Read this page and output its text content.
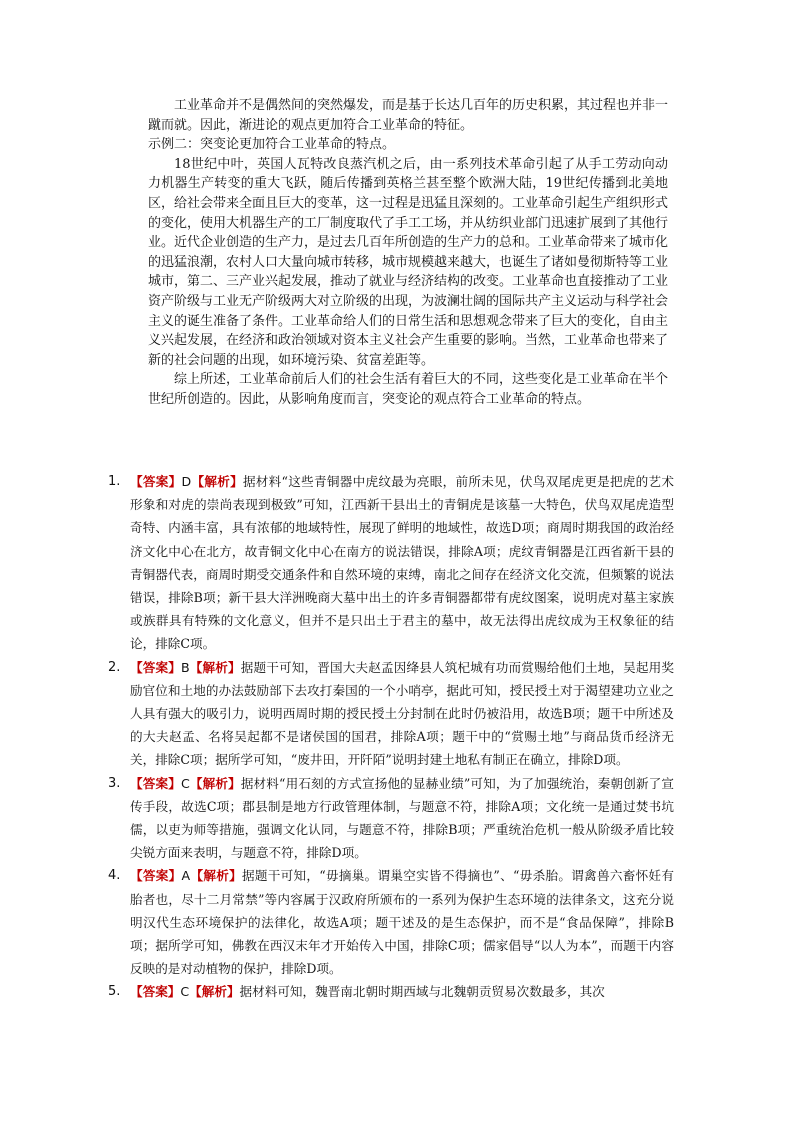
工业革命并不是偶然间的突然爆发，而是基于长达几百年的历史积累，其过程也并非一蹴而就。因此，渐进论的观点更加符合工业革命的特征。

示例二：突变论更加符合工业革命的特点。

18世纪中叶，英国人瓦特改良蒸汽机之后，由一系列技术革命引起了从手工劳动向动力机器生产转变的重大飞跃，随后传播到英格兰甚至整个欧洲大陆，19世纪传播到北美地区，给社会带来全面且巨大的变革，这一过程是迅猛且深刻的。工业革命引起生产组织形式的变化，使用大机器生产的工厂制度取代了手工工场，并从纺织业部门迅速扩展到了其他行业。近代企业创造的生产力，是过去几百年所创造的生产力的总和。工业革命带来了城市化的迅猛浪潮，农村人口大量向城市转移，城市规模越来越大，也诞生了诸如曼彻斯特等工业城市，第二、三产业兴起发展，推动了就业与经济结构的改变。工业革命也直接推动了工业资产阶级与工业无产阶级两大对立阶级的出现，为波澜壮阔的国际共产主义运动与科学社会主义的诞生准备了条件。工业革命给人们的日常生活和思想观念带来了巨大的变化，自由主义兴起发展，在经济和政治领域对资本主义社会产生重要的影响。当然，工业革命也带来了新的社会问题的出现，如环境污染、贫富差距等。

综上所述，工业革命前后人们的社会生活有着巨大的不同，这些变化是工业革命在半个世纪所创造的。因此，从影响角度而言，突变论的观点符合工业革命的特点。

1. 【答案】D【解析】据材料“这些青铜器中虎纹最为亮眼，前所未见，伏鸟双尾虎更是把虎的艺术形象和对虎的崇尚表现到极致”可知，江西新干县出土的青铜虎是该墓一大特色，伏鸟双尾虎造型奇特、内涵丰富，具有浓郁的地域特性，展现了鲜明的地域性，故选D项；商周时期我国的政治经济文化中心在北方，故青铜文化中心在南方的说法错误，排除A项；虎纹青铜器是江西省新干县的青铜器代表，商周时期受交通条件和自然环境的束缚，南北之间存在经济文化交流，但频繁的说法错误，排除B项；新干县大洋洲晚商大墓中出土的许多青铜器都带有虎纹图案，说明虎对墓主家族或族群具有特殊的文化意义，但并不是只出土于君主的墓中，故无法得出虎纹成为王权象征的结论，排除C项。
2. 【答案】B【解析】据题干可知，晋国大夫赵孟因绛县人筑杞城有功而赏赐给他们土地，吴起用奖励官位和土地的办法鼓励部下去攻打秦国的一个小哨亭，据此可知，授民授土对于渴望建功立业之人具有强大的吸引力，说明西周时期的授民授土分封制在此时仍被沿用，故选B项；题干中所述及的大夫赵孟、名将吴起都不是诸侯国的国君，排除A项；题干中的“赏赐土地”与商品货币经济无关，排除C项；据所学可知，“废井田，开阡陌”说明封建土地私有制正在确立，排除D项。
3. 【答案】C【解析】据材料“用石刻的方式宣扬他的显赫业绩”可知，为了加强统治，秦朝创新了宣传手段，故选C项；郡县制是地方行政管理体制，与题意不符，排除A项；文化统一是通过焚书坑儒，以吏为师等措施，强调文化认同，与题意不符，排除B项；严重统治危机一般从阶级矛盾比较尖锐方面来表明，与题意不符，排除D项。
4. 【答案】A【解析】据题干可知，“毋摘巢。谓巢空实皆不得摘也”、“毋杀胎。谓禽兽六畜怀妊有胎者也，尽十二月常禁”等内容属于汉政府所颁布的一系列为保护生态环境的法律条文，这充分说明汉代生态环境保护的法律化，故选A项；题干述及的是生态保护，而不是“食品保障”，排除B项；据所学可知，佛教在西汉末年才开始传入中国，排除C项；儒家倡导“以人为本”，而题干内容反映的是对动植物的保护，排除D项。
5. 【答案】C【解析】据材料可知，魏晋南北朝时期西域与北魏朝贡贸易次数最多，其次
